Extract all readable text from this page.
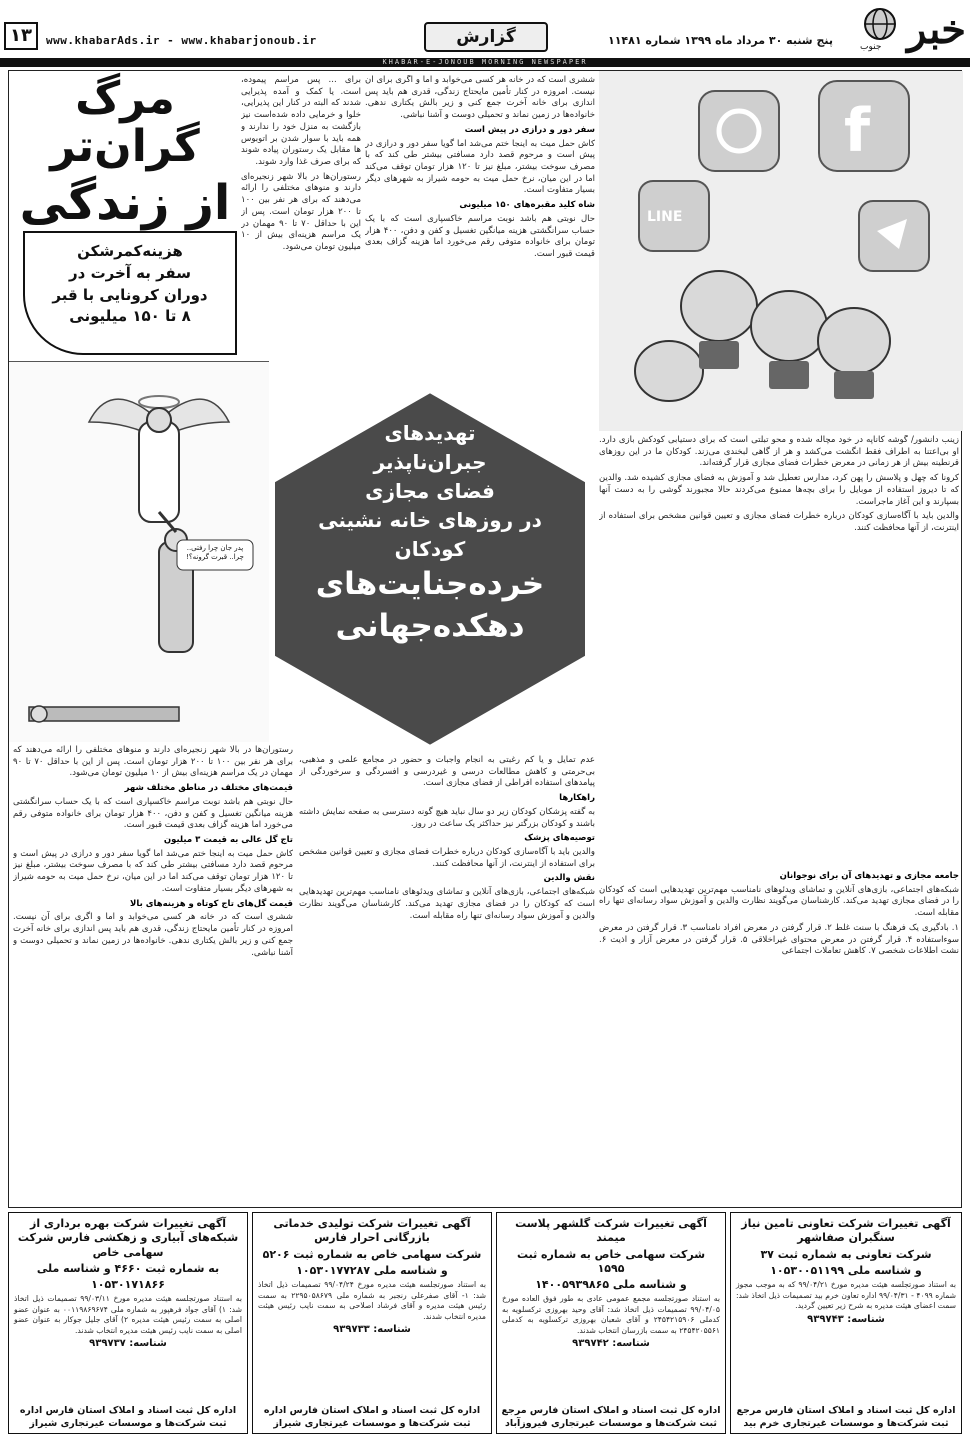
۱۳	www.khabarAds.ir - www.khabarjonoub.ir	گزارش	پنج شنبه ۳۰ مرداد ماه ۱۳۹۹ شماره ۱۱۴۸۱ خبر
جنوب
KHABAR-E-JONOUB MORNING NEWSPAPER
مرگ گران‌تر
از زندگی
هزینه‌کمرشکن
سفر به آخرت در
دوران کرونایی با قبر
۸ تا ۱۵۰ میلیونی

برای ... پس مراسم پیموده، است. یا کمک و آمده پذیرایی شدند که البته در کنار این پذیرایی، خلوا و خرمایی داده شده‌است نیز بازگشت به منزل خود را ندارند و همه باید با سوار شدن بر اتوبوس ها مقابل یک رستوران پیاده شوند که برای صرف غذا وارد شوند.

رستوران‌ها در بالا شهر زنجیره‌ای دارند و منوهای مختلفی را ارائه می‌دهند که برای هر نفر بین ۱۰۰ تا ۲۰۰ هزار تومان است. پس از این با حداقل ۷۰ تا ۹۰ مهمان در یک مراسم هزینه‌ای بیش از ۱۰ میلیون تومان می‌شود.

ششری است که در خانه هر کسی می‌خوابد و اما و اگری برای آن نیست. امروزه در کنار تأمین مایحتاج زندگی، قدری هم باید پس اندازی برای خانه آخرت جمع کنی و زیر بالش یکتاری ندهی. خانواده‌ها در زمین نماند و تحمیلی دوست و آشنا نباشی.

سفر دور و درازی در پیش است

کاش حمل میت به اینجا ختم می‌شد اما گویا سفر دور و درازی در پیش است و مرحوم قصد دارد مسافتی بیشتر طی کند که با مصرف سوخت بیشتر، مبلغ نیز تا ۱۲۰ هزار تومان توقف می‌کند اما در این میان، نرخ حمل میت به حومه شیراز به شهرهای دیگر بسیار متفاوت است.

شاه کلید مقبره‌های ۱۵۰ میلیونی

حال نوبتی هم باشد نوبت مراسم خاکسپاری است که با یک حساب سرانگشتی هزینه میانگین تغسیل و کفن و دفن، ۴۰۰ هزار تومان برای خانواده متوفی رقم می‌خورد اما هزینه گزاف بعدی قیمت قبور است.

f
LINE
پدر جان چرا رفتی.. چرا.. قبرت گرونه؟!
تهدیدهای
جبران‌ناپذیر
فضای مجازی
در روزهای خانه نشینی
کودکان
خرده‌جنایت‌های
دهکده‌جهانی

زینب دانشور/ گوشه کاناپه در خود مچاله شده و محو تبلتی است که برای دستیابی کودکش بازی دارد. او بی‌اعتنا به اطراف فقط انگشت می‌کشد و هر از گاهی لبخندی می‌زند. کودکان ما در این روزهای قرنطینه بیش از هر زمانی در معرض خطرات فضای مجازی قرار گرفته‌اند.

کرونا که چهل و پلاسش را پهن کرد، مدارس تعطیل شد و آموزش به فضای مجازی کشیده شد. والدین که تا دیروز استفاده از موبایل را برای بچه‌ها ممنوع می‌کردند حالا مجبورند گوشی را به دست آنها بسپارند و این آغاز ماجراست.

والدین باید با آگاه‌سازی کودکان درباره خطرات فضای مجازی و تعیین قوانین مشخص برای استفاده از اینترنت، از آنها محافظت کنند.

رستوران‌ها در بالا شهر زنجیره‌ای دارند و منوهای مختلفی را ارائه می‌دهند که برای هر نفر بین ۱۰۰ تا ۲۰۰ هزار تومان است. پس از این با حداقل ۷۰ تا ۹۰ مهمان در یک مراسم هزینه‌ای بیش از ۱۰ میلیون تومان می‌شود.

قیمت‌های مختلف در مناطق مختلف شهر

حال نوبتی هم باشد نوبت مراسم خاکسپاری است که با یک حساب سرانگشتی هزینه میانگین تغسیل و کفن و دفن، ۴۰۰ هزار تومان برای خانواده متوفی رقم می‌خورد اما هزینه گزاف بعدی قیمت قبور است.

تاج گل عالی به قیمت ۳ میلیون

کاش حمل میت به اینجا ختم می‌شد اما گویا سفر دور و درازی در پیش است و مرحوم قصد دارد مسافتی بیشتر طی کند که با مصرف سوخت بیشتر، مبلغ نیز تا ۱۲۰ هزار تومان توقف می‌کند اما در این میان، نرخ حمل میت به حومه شیراز به شهرهای دیگر بسیار متفاوت است.

قیمت گل‌های تاج کوتاه و هزینه‌های بالا

ششری است که در خانه هر کسی می‌خوابد و اما و اگری برای آن نیست. امروزه در کنار تأمین مایحتاج زندگی، قدری هم باید پس اندازی برای خانه آخرت جمع کنی و زیر بالش یکتاری ندهی. خانواده‌ها در زمین نماند و تحمیلی دوست و آشنا نباشی.

عدم تمایل و یا کم رغبتی به انجام واجبات و حضور در مجامع علمی و مذهبی، بی‌حرمتی و کاهش مطالعات درسی و غیردرسی و افسردگی و سرخوردگی از پیامدهای استفاده افراطی از فضای مجازی است.

راهکارها

به گفته پزشکان کودکان زیر دو سال نباید هیچ گونه دسترسی به صفحه نمایش داشته باشند و کودکان بزرگتر نیز حداکثر یک ساعت در روز.

توصیه‌های پزشک

والدین باید با آگاه‌سازی کودکان درباره خطرات فضای مجازی و تعیین قوانین مشخص برای استفاده از اینترنت، از آنها محافظت کنند.

نقش والدین

شبکه‌های اجتماعی، بازی‌های آنلاین و تماشای ویدئوهای نامناسب مهم‌ترین تهدیدهایی است که کودکان را در فضای مجازی تهدید می‌کند. کارشناسان می‌گویند نظارت والدین و آموزش سواد رسانه‌ای تنها راه مقابله است.

جامعه مجازی و تهدیدهای آن برای نوجوانان

شبکه‌های اجتماعی، بازی‌های آنلاین و تماشای ویدئوهای نامناسب مهم‌ترین تهدیدهایی است که کودکان را در فضای مجازی تهدید می‌کند. کارشناسان می‌گویند نظارت والدین و آموزش سواد رسانه‌ای تنها راه مقابله است.

۱. بادگیری یک فرهنگ با سنت غلط ۲. قرار گرفتن در معرض افراد نامناسب ۳. قرار گرفتن در معرض سوءاستفاده ۴. قرار گرفتن در معرض محتوای غیراخلاقی ۵. قرار گرفتن در معرض آزار و اذیت ۶. نشت اطلاعات شخصی ۷. کاهش تعاملات اجتماعی

آگهی تغییرات شرکت تعاونی تامین نیاز سنگبران صفاشهر
شرکت تعاونی به شماره ثبت ۳۷
و شناسه ملی ۱۰۵۳۰۰۵۱۱۹۹
به استناد صورتجلسه هیئت مدیره مورخ ۹۹/۰۴/۲۱ که به موجب مجوز شماره ۴۰۹۹ - ۹۹/۰۴/۳۱ اداره تعاون خرم بید تصمیمات ذیل اتخاذ شد: سمت اعضای هیئت مدیره به شرح زیر تعیین گردید.
شناسه: ۹۳۹۷۴۳
اداره کل ثبت اسناد و املاک استان فارس مرجع ثبت شرکت‌ها و موسسات غیرتجاری خرم بید
آگهی تغییرات شرکت گلشهر پلاست میمند
شرکت سهامی خاص به شماره ثبت ۱۵۹۵
و شناسه ملی ۱۴۰۰۵۹۳۹۸۶۵
به استناد صورتجلسه مجمع عمومی عادی به طور فوق العاده مورخ ۹۹/۰۴/۰۵ تصمیمات ذیل اتخاذ شد: آقای وحید بهروزی ترکسلویه به کدملی ۲۴۵۴۲۱۵۹۰۶ و آقای شعبان بهروزی ترکسلویه به کدملی ۲۴۵۴۲۰۵۵۶۱ به سمت بازرسان انتخاب شدند.
شناسه: ۹۳۹۷۴۲
اداره کل ثبت اسناد و املاک استان فارس مرجع ثبت شرکت‌ها و موسسات غیرتجاری فیروزآباد
آگهی تغییرات شرکت تولیدی خدماتی بازرگانی احرار فارس
شرکت سهامی خاص به شماره ثبت ۵۲۰۶
و شناسه ملی ۱۰۵۳۰۱۷۷۲۸۷
به استناد صورتجلسه هیئت مدیره مورخ ۹۹/۰۴/۲۴ تصمیمات ذیل اتخاذ شد: ۱- آقای صفرعلی رنجبر به شماره ملی ۲۲۹۵۰۵۸۶۷۹ به سمت رئیس هیئت مدیره و آقای فرشاد اصلاحی به سمت نایب رئیس هیئت مدیره انتخاب شدند.
شناسه: ۹۳۹۷۳۳
اداره کل ثبت اسناد و املاک استان فارس اداره ثبت شرکت‌ها و موسسات غیرتجاری شیراز
آگهی تغییرات شرکت بهره برداری از شبکه‌های آبیاری و زهکشی فارس شرکت سهامی خاص
به شماره ثبت ۴۶۶۰ و شناسه ملی
۱۰۵۳۰۱۷۱۸۶۶
به استناد صورتجلسه هیئت مدیره مورخ ۹۹/۰۳/۱۱ تصمیمات ذیل اتخاذ شد: ۱) آقای جواد فرهپور به شماره ملی ۰۰۱۱۹۸۶۹۶۷۴ به عنوان عضو اصلی به سمت رئیس هیئت مدیره ۲) آقای جلیل جوکار به عنوان عضو اصلی به سمت نایب رئیس هیئت مدیره انتخاب شدند.
شناسه: ۹۳۹۷۳۷
اداره کل ثبت اسناد و املاک استان فارس اداره ثبت شرکت‌ها و موسسات غیرتجاری شیراز
